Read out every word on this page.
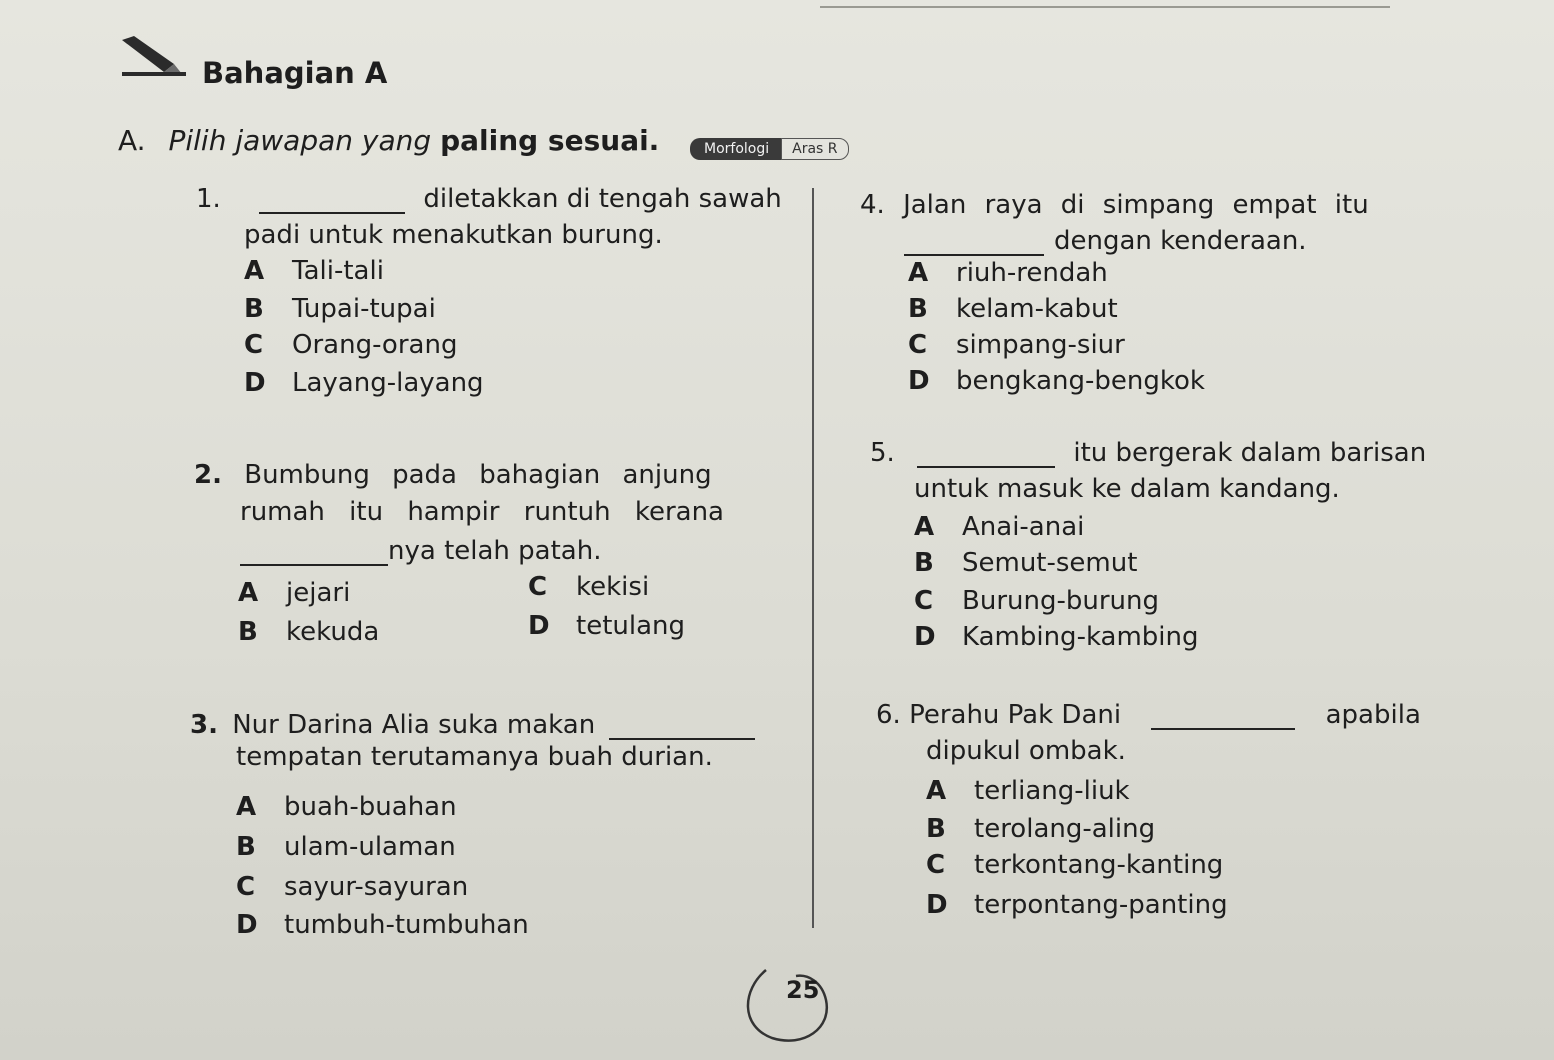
Bahagian A
A. Pilih jawapan yang paling sesuai.	Morfologi	Aras R
1.	diletakkan di tengah sawah
padi untuk menakutkan burung.
A Tali-tali
B Tupai-tupai
C Orang-orang
D Layang-layang
2. Bumbung pada bahagian anjung
rumah itu hampir runtuh kerana
nya telah patah.
A jejari
B kekuda
C kekisi
D tetulang
3. Nur Darina Alia suka makan
tempatan terutamanya buah durian.
A buah-buahan
B ulam-ulaman
C sayur-sayuran
D tumbuh-tumbuhan
4. Jalan raya di simpang empat itu
dengan kenderaan.
A riuh-rendah
B kelam-kabut
C simpang-siur
D bengkang-bengkok
5.	itu bergerak dalam barisan
untuk masuk ke dalam kandang.
A Anai-anai
B Semut-semut
C Burung-burung
D Kambing-kambing
6. Perahu Pak Dani	apabila
dipukul ombak.
A terliang-liuk
B terolang-aling
C terkontang-kanting
D terpontang-panting
25
